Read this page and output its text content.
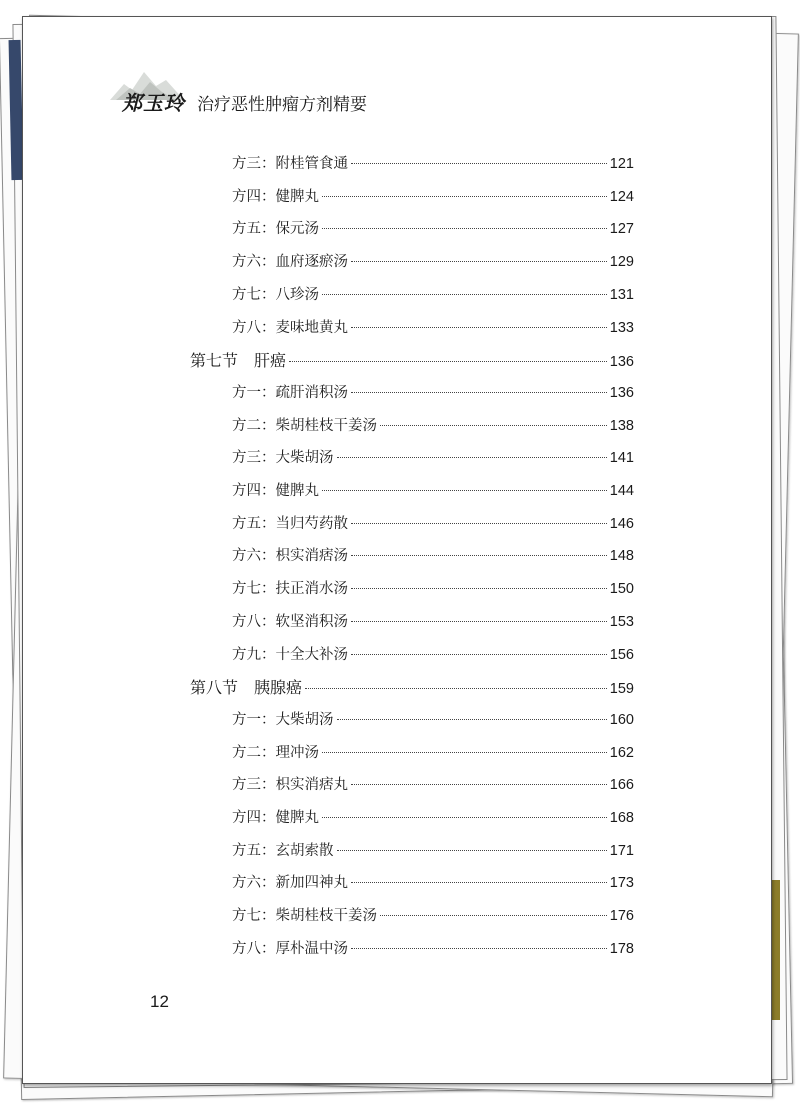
郑玉玲 治疗恶性肿瘤方剂精要
方三：附桂管食通	121
方四：健脾丸	124
方五：保元汤	127
方六：血府逐瘀汤	129
方七：八珍汤	131
方八：麦味地黄丸	133
第七节　肝癌	136
方一：疏肝消积汤	136
方二：柴胡桂枝干姜汤	138
方三：大柴胡汤	141
方四：健脾丸	144
方五：当归芍药散	146
方六：枳实消痞汤	148
方七：扶正消水汤	150
方八：软坚消积汤	153
方九：十全大补汤	156
第八节　胰腺癌	159
方一：大柴胡汤	160
方二：理冲汤	162
方三：枳实消痞丸	166
方四：健脾丸	168
方五：玄胡索散	171
方六：新加四神丸	173
方七：柴胡桂枝干姜汤	176
方八：厚朴温中汤	178
12
